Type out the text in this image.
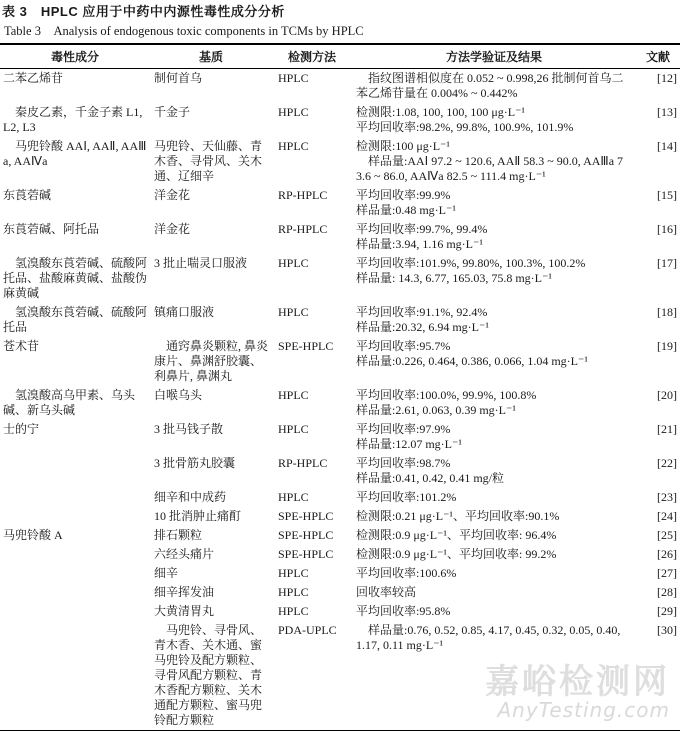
表 3　HPLC 应用于中药中内源性毒性成分分析
Table 3　Analysis of endogenous toxic components in TCMs by HPLC
毒性成分	基质	检测方法	方法学验证及结果	文献
二苯乙烯苷	制何首乌	HPLC	　指纹图谱相似度在 0.052 ~ 0.998,26 批制何首乌二苯乙烯苷量在 0.004% ~ 0.442%	[12]
　秦皮乙素，千金子素 L1, L2, L3	千金子	HPLC	检测限:1.08, 100, 100, 100 μg·L⁻¹
平均回收率:98.2%, 99.8%, 100.9%, 101.9%	[13]
　马兜铃酸 AAⅠ, AAⅡ, AAⅢa, AAⅣa	马兜铃、天仙藤、青木香、寻骨风、关木通、辽细辛	HPLC	检测限:100 μg·L⁻¹
　样品量:AAⅠ 97.2 ~ 120.6, AAⅡ 58.3 ~ 90.0, AAⅢa 73.6 ~ 86.0, AAⅣa 82.5 ~ 111.4 mg·L⁻¹	[14]
东莨菪碱	洋金花	RP-HPLC	平均回收率:99.9%
样品量:0.48 mg·L⁻¹	[15]
东莨菪碱、阿托品	洋金花	RP-HPLC	平均回收率:99.7%, 99.4%
样品量:3.94, 1.16 mg·L⁻¹	[16]
　氢溴酸东莨菪碱、硫酸阿托品、盐酸麻黄碱、盐酸伪麻黄碱	3 批止喘灵口服液	HPLC	平均回收率:101.9%, 99.80%, 100.3%, 100.2%
样品量: 14.3, 6.77, 165.03, 75.8 mg·L⁻¹	[17]
　氢溴酸东莨菪碱、硫酸阿托品	镇痛口服液	HPLC	平均回收率:91.1%, 92.4%
样品量:20.32, 6.94 mg·L⁻¹	[18]
苍术苷	　通窍鼻炎颗粒, 鼻炎康片、鼻渊舒胶囊、利鼻片, 鼻渊丸	SPE-HPLC	平均回收率:95.7%
样品量:0.226, 0.464, 0.386, 0.066, 1.04 mg·L⁻¹	[19]
　氢溴酸高乌甲素、乌头碱、新乌头碱	白喉乌头	HPLC	平均回收率:100.0%, 99.9%, 100.8%
样品量:2.61, 0.063, 0.39 mg·L⁻¹	[20]
士的宁	3 批马钱子散	HPLC	平均回收率:97.9%
样品量:12.07 mg·L⁻¹	[21]
	3 批骨筋丸胶囊	RP-HPLC	平均回收率:98.7%
样品量:0.41, 0.42, 0.41 mg/粒	[22]
	细辛和中成药	HPLC	平均回收率:101.2%	[23]
	10 批消肿止痛酊	SPE-HPLC	检测限:0.21 μg·L⁻¹、平均回收率:90.1%	[24]
马兜铃酸 A	排石颗粒	SPE-HPLC	检测限:0.9 μg·L⁻¹、平均回收率: 96.4%	[25]
	六经头痛片	SPE-HPLC	检测限:0.9 μg·L⁻¹、平均回收率: 99.2%	[26]
	细辛	HPLC	平均回收率:100.6%	[27]
	细辛挥发油	HPLC	回收率较高	[28]
	大黄清胃丸	HPLC	平均回收率:95.8%	[29]
	　马兜铃、寻骨风、青木香、关木通、蜜马兜铃及配方颗粒、寻骨风配方颗粒、青木香配方颗粒、关木通配方颗粒、蜜马兜铃配方颗粒	PDA-UPLC	　样品量:0.76, 0.52, 0.85, 4.17, 0.45, 0.32, 0.05, 0.40, 1.17, 0.11 mg·L⁻¹	[30]
嘉峪检测网
AnyTesting.com
